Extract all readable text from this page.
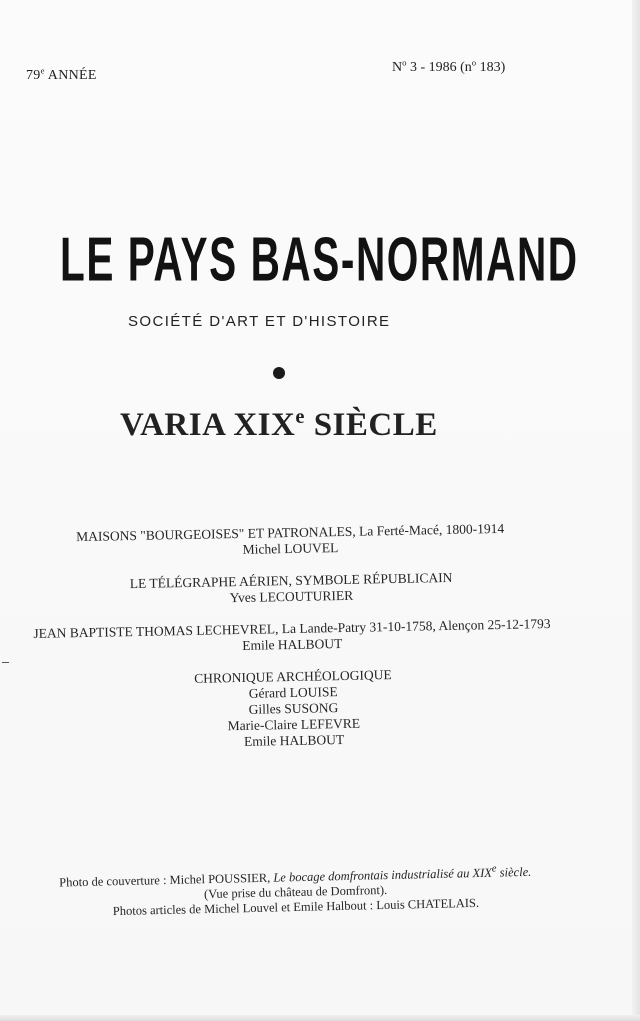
79e ANNÉE
$N^o$ 3 - 1986 ($n^o$ 183)
LE PAYS BAS-NORMAND
SOCIÉTÉ D'ART ET D'HISTOIRE
VARIA XIXe SIÈCLE
MAISONS "BOURGEOISES" ET PATRONALES, La Ferté-Macé, 1800-1914
Michel LOUVEL
LE TÉLÉGRAPHE AÉRIEN, SYMBOLE RÉPUBLICAIN
Yves LECOUTURIER
JEAN BAPTISTE THOMAS LECHEVREL, La Lande-Patry 31-10-1758, Alençon 25-12-1793
Emile HALBOUT
CHRONIQUE ARCHÉOLOGIQUE
Gérard LOUISE
Gilles SUSONG
Marie-Claire LEFEVRE
Emile HALBOUT
Photo de couverture : Michel POUSSIER, Le bocage domfrontais industrialisé au XIXe siècle.
(Vue prise du château de Domfront).
Photos articles de Michel Louvel et Emile Halbout : Louis CHATELAIS.
